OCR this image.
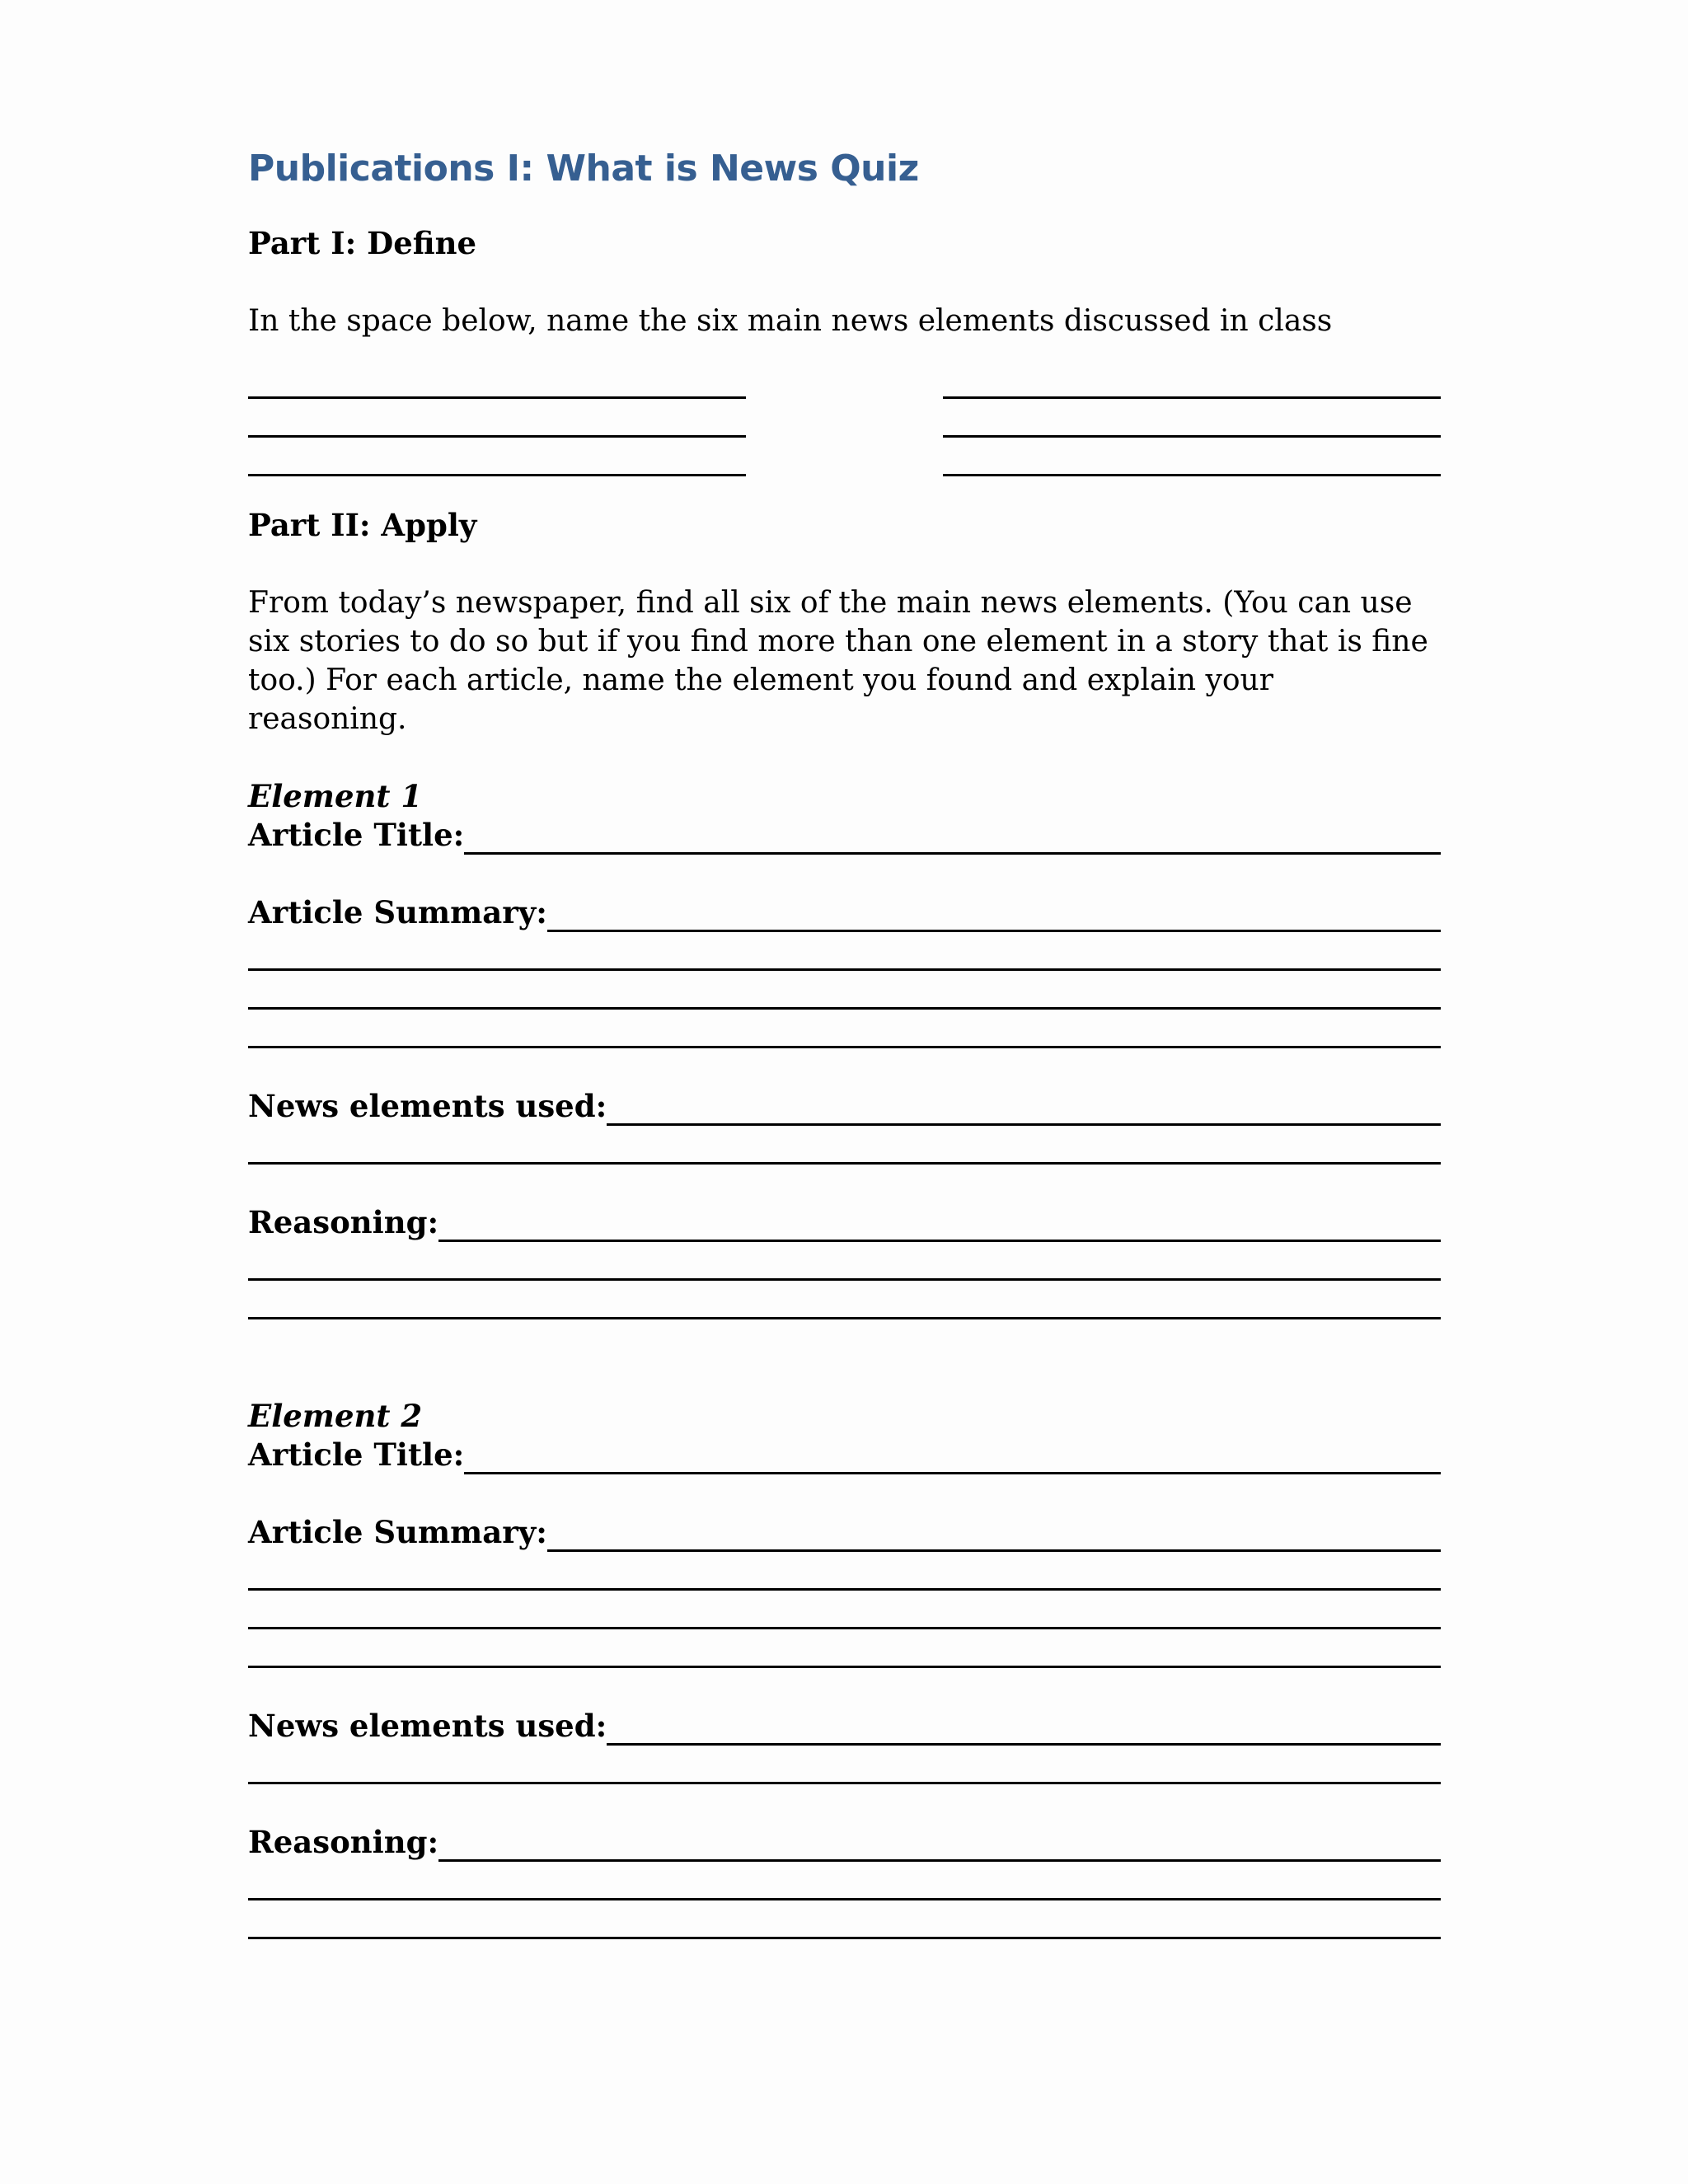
Publications I: What is News Quiz

Part I: Define

In the space below, name the six main news elements discussed in class

Part II: Apply

From today’s newspaper, find all six of the main news elements. (You can use six stories to do so but if you find more than one element in a story that is fine too.) For each article, name the element you found and explain your reasoning.

Element 1

Article Title:
Article Summary:
News elements used:
Reasoning:

Element 2

Article Title:
Article Summary:
News elements used:
Reasoning:
